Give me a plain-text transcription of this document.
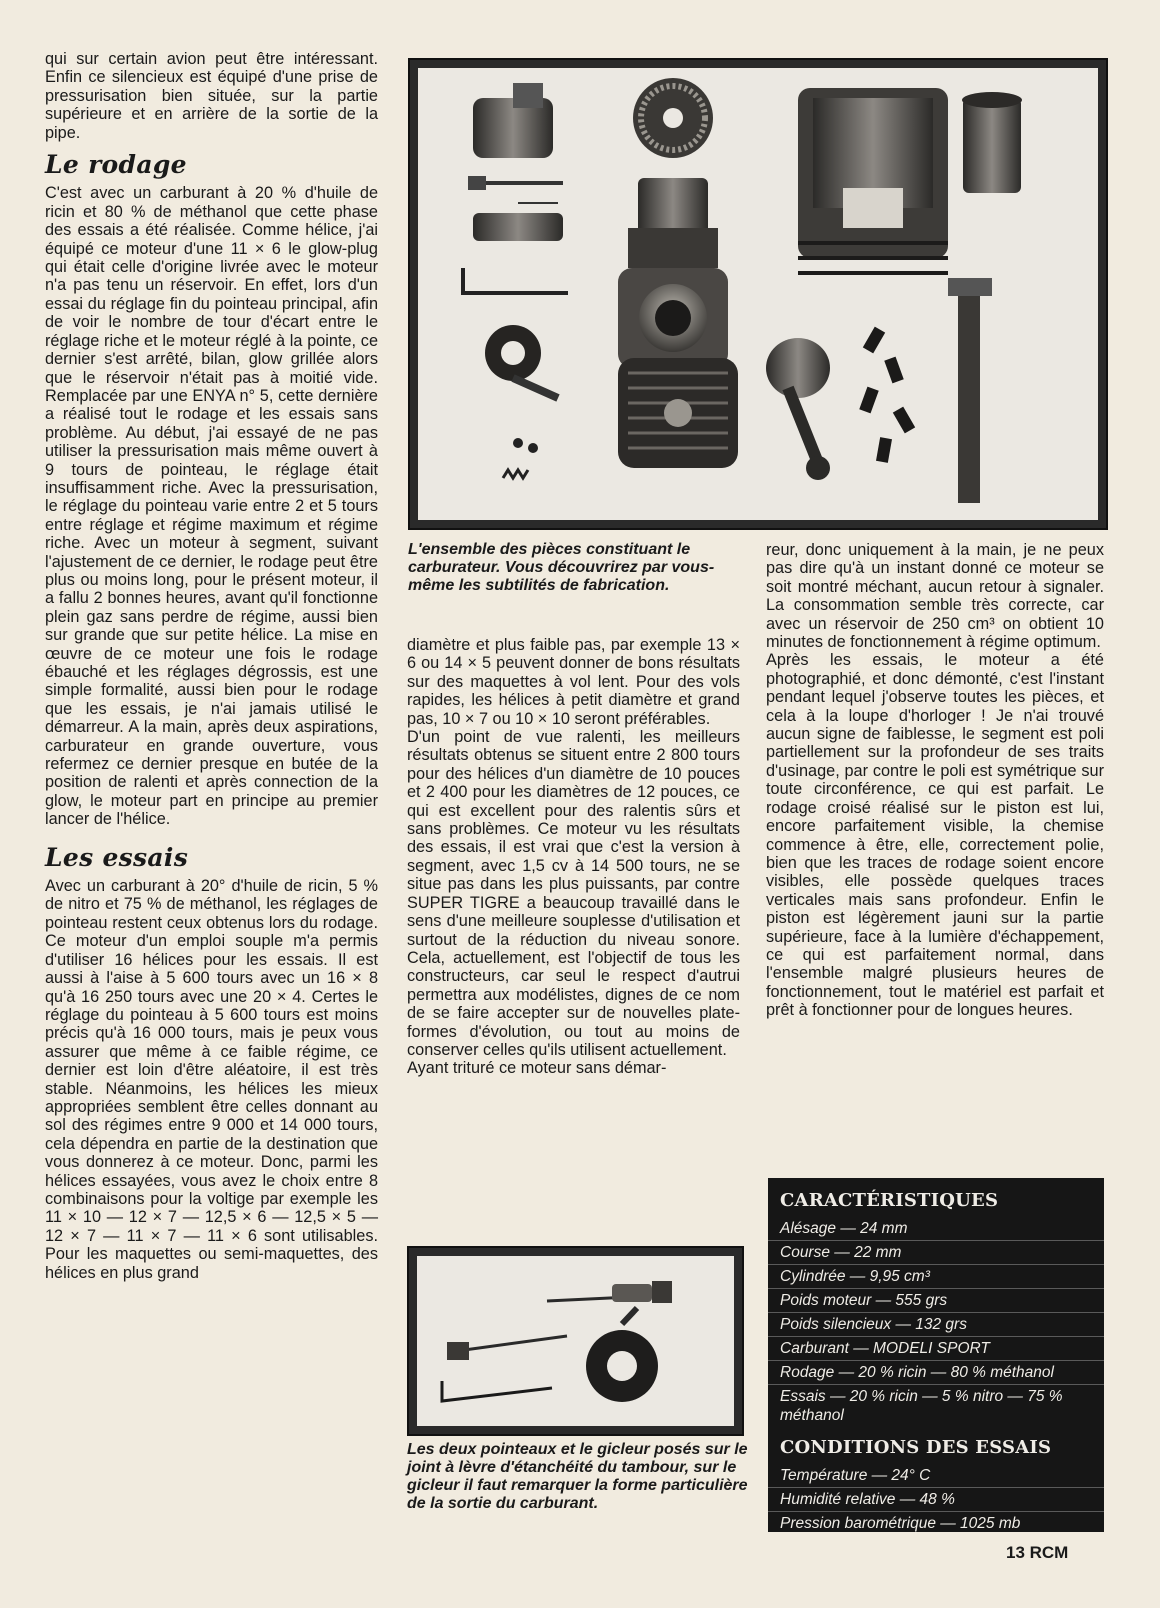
qui sur certain avion peut être intéressant. Enfin ce silencieux est équipé d'une prise de pressurisation bien située, sur la partie supérieure et en arrière de la sortie de la pipe.

Le rodage

C'est avec un carburant à 20 % d'huile de ricin et 80 % de méthanol que cette phase des essais a été réalisée. Comme hélice, j'ai équipé ce moteur d'une 11 × 6 le glow-plug qui était celle d'origine livrée avec le moteur n'a pas tenu un réservoir. En effet, lors d'un essai du réglage fin du pointeau principal, afin de voir le nombre de tour d'écart entre le réglage riche et le moteur réglé à la pointe, ce dernier s'est arrêté, bilan, glow grillée alors que le réservoir n'était pas à moitié vide. Remplacée par une ENYA n° 5, cette dernière a réalisé tout le rodage et les essais sans problème. Au début, j'ai essayé de ne pas utiliser la pressurisation mais même ouvert à 9 tours de pointeau, le réglage était insuffisamment riche. Avec la pressurisation, le réglage du pointeau varie entre 2 et 5 tours entre réglage et régime maximum et régime riche. Avec un moteur à segment, suivant l'ajustement de ce dernier, le rodage peut être plus ou moins long, pour le présent moteur, il a fallu 2 bonnes heures, avant qu'il fonctionne plein gaz sans perdre de régime, aussi bien sur grande que sur petite hélice. La mise en œuvre de ce moteur une fois le rodage ébauché et les réglages dégrossis, est une simple formalité, aussi bien pour le rodage que les essais, je n'ai jamais utilisé le démarreur. A la main, après deux aspirations, carburateur en grande ouverture, vous refermez ce dernier presque en butée de la position de ralenti et après connection de la glow, le moteur part en principe au premier lancer de l'hélice.

Les essais

Avec un carburant à 20° d'huile de ricin, 5 % de nitro et 75 % de méthanol, les réglages de pointeau restent ceux obtenus lors du rodage. Ce moteur d'un emploi souple m'a permis d'utiliser 16 hélices pour les essais. Il est aussi à l'aise à 5 600 tours avec un 16 × 8 qu'à 16 250 tours avec une 20 × 4. Certes le réglage du pointeau à 5 600 tours est moins précis qu'à 16 000 tours, mais je peux vous assurer que même à ce faible régime, ce dernier est loin d'être aléatoire, il est très stable. Néanmoins, les hélices les mieux appropriées semblent être celles donnant au sol des régimes entre 9 000 et 14 000 tours, cela dépendra en partie de la destination que vous donnerez à ce moteur. Donc, parmi les hélices essayées, vous avez le choix entre 8 combinaisons pour la voltige par exemple les 11 × 10 — 12 × 7 — 12,5 × 6 — 12,5 × 5 — 12 × 7 — 11 × 7 — 11 × 6 sont utilisables. Pour les maquettes ou semi-maquettes, des hélices en plus grand

L'ensemble des pièces constituant le carburateur. Vous découvrirez par vous-même les subtilités de fabrication.

diamètre et plus faible pas, par exemple 13 × 6 ou 14 × 5 peuvent donner de bons résultats sur des maquettes à vol lent. Pour des vols rapides, les hélices à petit diamètre et grand pas, 10 × 7 ou 10 × 10 seront préférables.

D'un point de vue ralenti, les meilleurs résultats obtenus se situent entre 2 800 tours pour des hélices d'un diamètre de 10 pouces et 2 400 pour les diamètres de 12 pouces, ce qui est excellent pour des ralentis sûrs et sans problèmes. Ce moteur vu les résultats des essais, il est vrai que c'est la version à segment, avec 1,5 cv à 14 500 tours, ne se situe pas dans les plus puissants, par contre SUPER TIGRE a beaucoup travaillé dans le sens d'une meilleure souplesse d'utilisation et surtout de la réduction du niveau sonore. Cela, actuellement, est l'objectif de tous les constructeurs, car seul le respect d'autrui permettra aux modélistes, dignes de ce nom de se faire accepter sur de nouvelles plate-formes d'évolution, ou tout au moins de conserver celles qu'ils utilisent actuellement.

Ayant trituré ce moteur sans démar-

Les deux pointeaux et le gicleur posés sur le joint à lèvre d'étanchéité du tambour, sur le gicleur il faut remarquer la forme particulière de la sortie du carburant.

reur, donc uniquement à la main, je ne peux pas dire qu'à un instant donné ce moteur se soit montré méchant, aucun retour à signaler. La consommation semble très correcte, car avec un réservoir de 250 cm³ on obtient 10 minutes de fonctionnement à régime optimum.

Après les essais, le moteur a été photographié, et donc démonté, c'est l'instant pendant lequel j'observe toutes les pièces, et cela à la loupe d'horloger ! Je n'ai trouvé aucun signe de faiblesse, le segment est poli partiellement sur la profondeur de ses traits d'usinage, par contre le poli est symétrique sur toute circonférence, ce qui est parfait. Le rodage croisé réalisé sur le piston est lui, encore parfaitement visible, la chemise commence à être, elle, correctement polie, bien que les traces de rodage soient encore visibles, elle possède quelques traces verticales mais sans profondeur. Enfin le piston est légèrement jauni sur la partie supérieure, face à la lumière d'échappement, ce qui est parfaitement normal, dans l'ensemble malgré plusieurs heures de fonctionnement, tout le matériel est parfait et prêt à fonctionner pour de longues heures.

CARACTÉRISTIQUES
Alésage — 24 mm
Course — 22 mm
Cylindrée — 9,95 cm³
Poids moteur — 555 grs
Poids silencieux — 132 grs
Carburant — MODELI SPORT
Rodage — 20 % ricin — 80 % méthanol
Essais — 20 % ricin — 5 % nitro — 75 % méthanol
CONDITIONS DES ESSAIS
Température — 24° C
Humidité relative — 48 %
Pression barométrique — 1025 mb
13 RCM
